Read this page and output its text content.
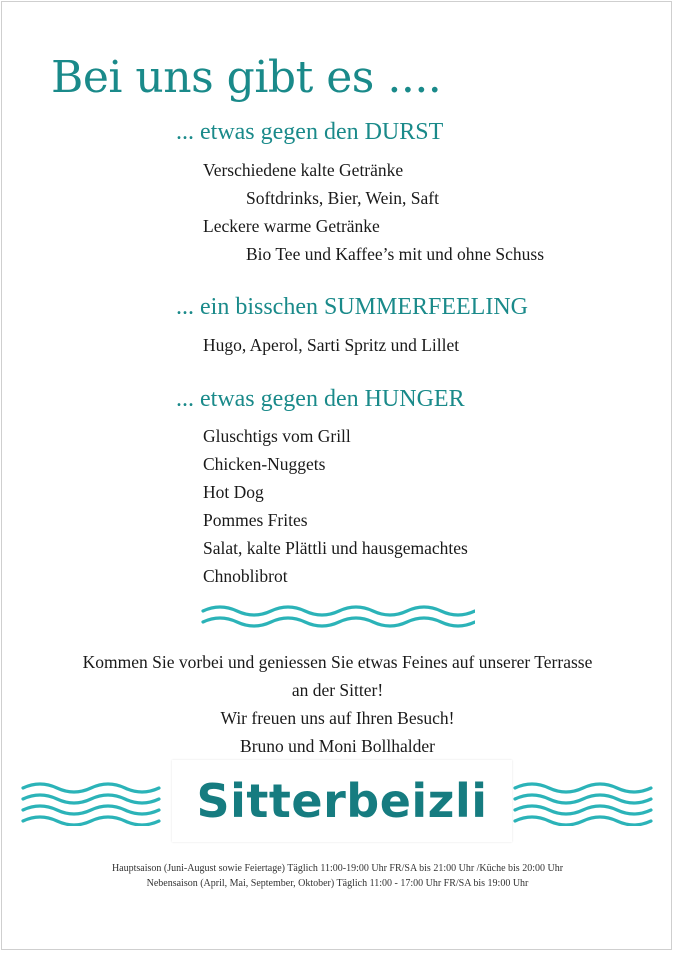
Bei uns gibt es ....
... etwas gegen den DURST

Verschiedene kalte Getränke

Softdrinks, Bier, Wein, Saft

Leckere warme Getränke

Bio Tee und Kaffee’s mit und ohne Schuss

... ein bisschen SUMMERFEELING

Hugo, Aperol, Sarti Spritz und Lillet

... etwas gegen den HUNGER

Gluschtigs vom Grill

Chicken-Nuggets

Hot Dog

Pommes Frites

Salat, kalte Plättli und hausgemachtes

Chnoblibrot

Kommen Sie vorbei und geniessen Sie etwas Feines auf unserer Terrasse

an der Sitter!

Wir freuen uns auf Ihren Besuch!

Bruno und Moni Bollhalder

Sitterbeizli

Hauptsaison (Juni-August sowie Feiertage) Täglich 11:00-19:00 Uhr FR/SA bis 21:00 Uhr /Küche bis 20:00 Uhr

Nebensaison (April, Mai, September, Oktober) Täglich 11:00 - 17:00 Uhr FR/SA bis 19:00 Uhr
